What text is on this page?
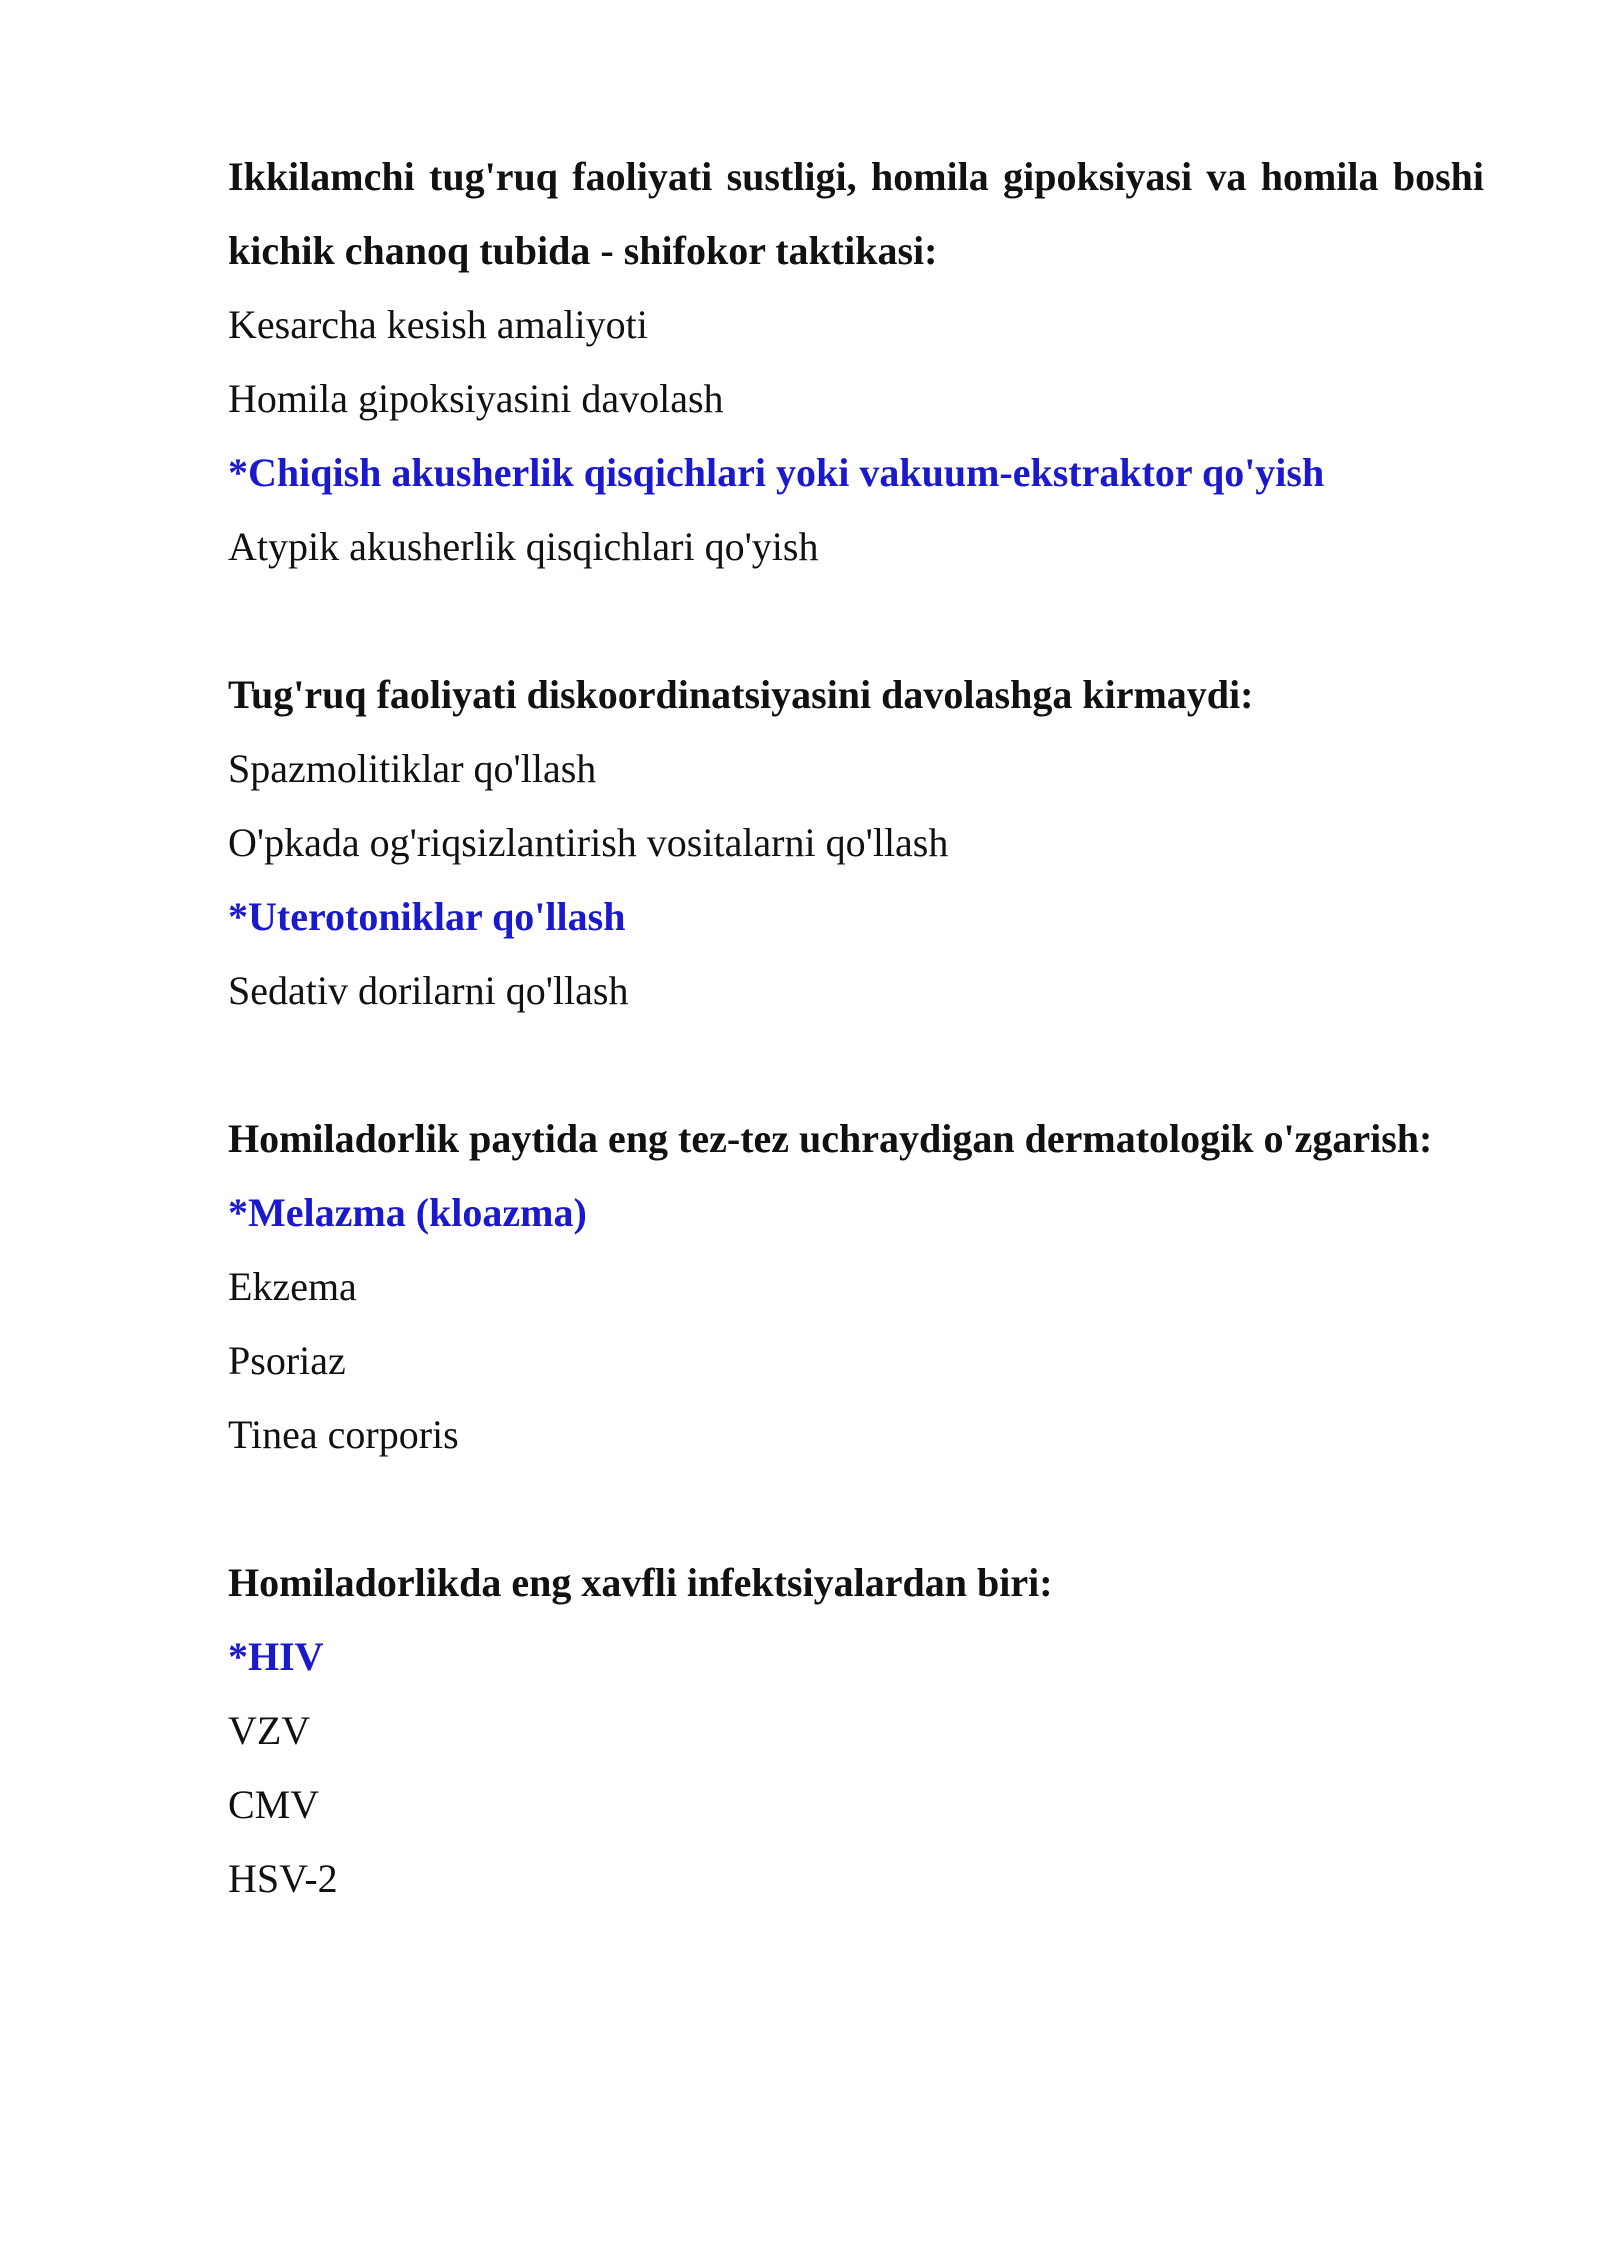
Ikkilamchi tug'ruq faoliyati sustligi, homila gipoksiyasi va homila boshi kichik chanoq tubida - shifokor taktikasi:

Kesarcha kesish amaliyoti

Homila gipoksiyasini davolash

*Chiqish akusherlik qisqichlari yoki vakuum-ekstraktor qo'yish

Atypik akusherlik qisqichlari qo'yish

Tug'ruq faoliyati diskoordinatsiyasini davolashga kirmaydi:

Spazmolitiklar qo'llash

O'pkada og'riqsizlantirish vositalarni qo'llash

*Uterotoniklar qo'llash

Sedativ dorilarni qo'llash

Homiladorlik paytida eng tez-tez uchraydigan dermatologik o'zgarish:

*Melazma (kloazma)

Ekzema

Psoriaz

Tinea corporis

Homiladorlikda eng xavfli infektsiyalardan biri:

*HIV

VZV

CMV

HSV-2
